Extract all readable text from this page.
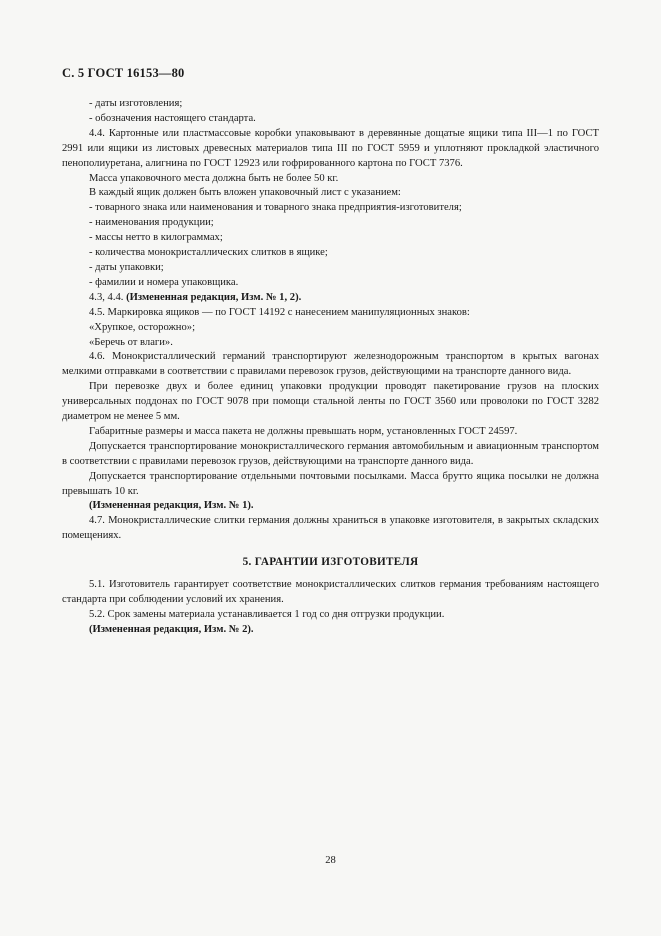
С. 5 ГОСТ 16153—80
- даты изготовления;
- обозначения настоящего стандарта.
4.4. Картонные или пластмассовые коробки упаковывают в деревянные дощатые ящики типа III—1 по ГОСТ 2991 или ящики из листовых древесных материалов типа III по ГОСТ 5959 и уплотняют прокладкой эластичного пенополиуретана, алигнина по ГОСТ 12923 или гофрированного картона по ГОСТ 7376.
Масса упаковочного места должна быть не более 50 кг.
В каждый ящик должен быть вложен упаковочный лист с указанием:
- товарного знака или наименования и товарного знака предприятия-изготовителя;
- наименования продукции;
- массы нетто в килограммах;
- количества монокристаллических слитков в ящике;
- даты упаковки;
- фамилии и номера упаковщика.
4.3, 4.4. (Измененная редакция, Изм. № 1, 2).
4.5. Маркировка ящиков — по ГОСТ 14192 с нанесением манипуляционных знаков:
«Хрупкое, осторожно»;
«Беречь от влаги».
4.6. Монокристаллический германий транспортируют железнодорожным транспортом в крытых вагонах мелкими отправками в соответствии с правилами перевозок грузов, действующими на транспорте данного вида.
При перевозке двух и более единиц упаковки продукции проводят пакетирование грузов на плоских универсальных поддонах по ГОСТ 9078 при помощи стальной ленты по ГОСТ 3560 или проволоки по ГОСТ 3282 диаметром не менее 5 мм.
Габаритные размеры и масса пакета не должны превышать норм, установленных ГОСТ 24597.
Допускается транспортирование монокристаллического германия автомобильным и авиационным транспортом в соответствии с правилами перевозок грузов, действующими на транспорте данного вида.
Допускается транспортирование отдельными почтовыми посылками. Масса брутто ящика посылки не должна превышать 10 кг.
(Измененная редакция, Изм. № 1).
4.7. Монокристаллические слитки германия должны храниться в упаковке изготовителя, в закрытых складских помещениях.
5. ГАРАНТИИ ИЗГОТОВИТЕЛЯ
5.1. Изготовитель гарантирует соответствие монокристаллических слитков германия требованиям настоящего стандарта при соблюдении условий их хранения.
5.2. Срок замены материала устанавливается 1 год со дня отгрузки продукции.
(Измененная редакция, Изм. № 2).
28
